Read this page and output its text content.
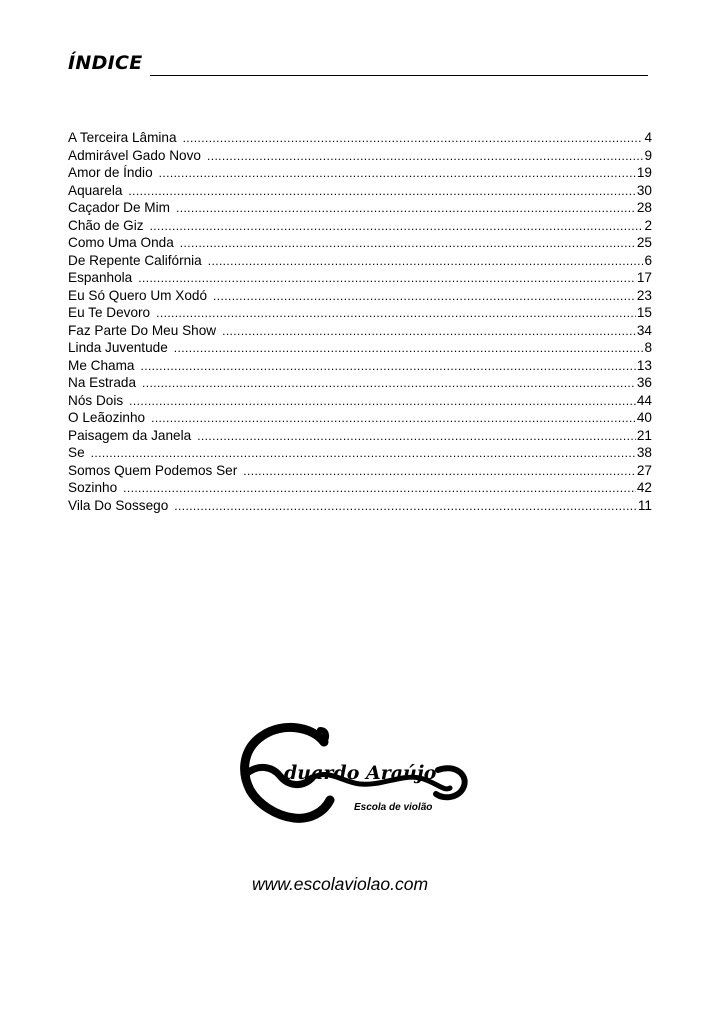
ÍNDICE
A Terceira Lâmina .....	4
Admirável Gado Novo .....	9
Amor de Índio .....	19
Aquarela .....	30
Caçador De Mim .....	28
Chão de Giz .....	2
Como Uma Onda .....	25
De Repente Califórnia .....	6
Espanhola .....	17
Eu Só Quero Um Xodó .....	23
Eu Te Devoro .....	15
Faz Parte Do Meu Show .....	34
Linda Juventude .....	8
Me Chama .....	13
Na Estrada .....	36
Nós Dois .....	44
O Leãozinho .....	40
Paisagem da Janela .....	21
Se .....	38
Somos Quem Podemos Ser .....	27
Sozinho .....	42
Vila Do Sossego .....	11
duardo Araújo
Escola de violão
www.escolaviolao.com
